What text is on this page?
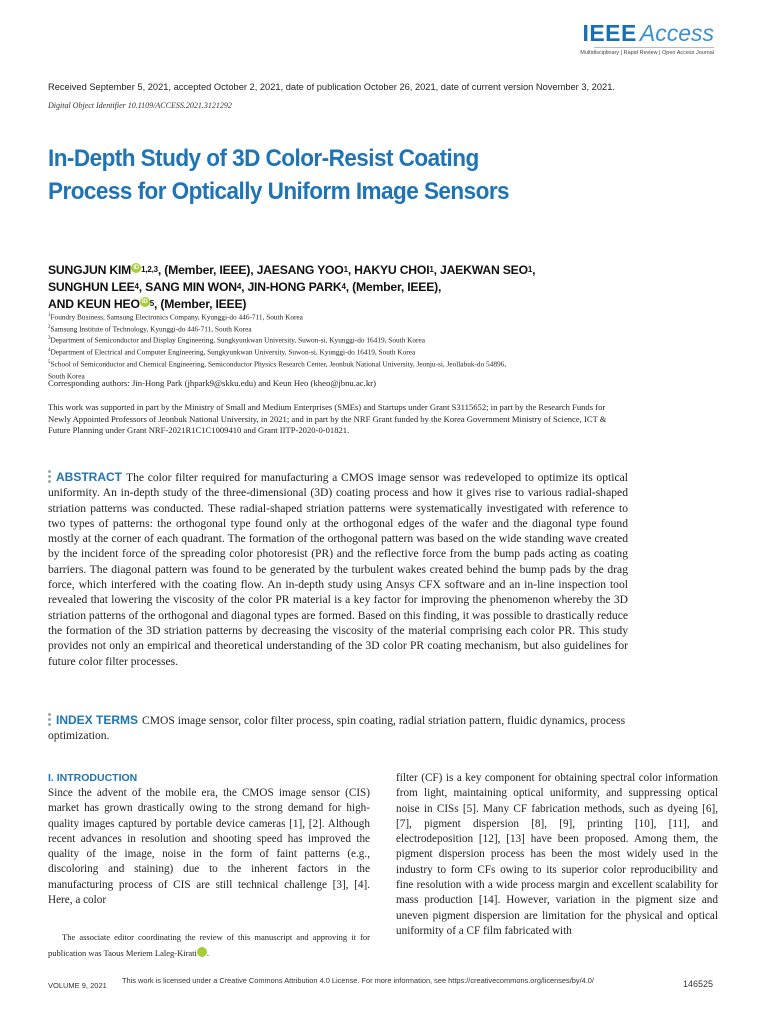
IEEE Access
Multidisciplinary | Rapid Review | Open Access Journal
Received September 5, 2021, accepted October 2, 2021, date of publication October 26, 2021, date of current version November 3, 2021.
Digital Object Identifier 10.1109/ACCESS.2021.3121292
In-Depth Study of 3D Color-Resist Coating Process for Optically Uniform Image Sensors
SUNGJUN KIM iD $^{1,2,3}$, (Member, IEEE), JAESANG YOO$^1$, HAKYU CHOI$^1$, JAEKWAN SEO$^1$,
SUNGHUN LEE$^4$, SANG MIN WON$^4$, JIN-HONG PARK$^4$, (Member, IEEE),
AND KEUN HEO iD $^5$, (Member, IEEE)
$^1$Foundry Business, Samsung Electronics Company, Kyunggi-do 446-711, South Korea
$^2$Samsung Institute of Technology, Kyunggi-do 446-711, South Korea
$^3$Department of Semiconductor and Display Engineering, Sungkyunkwan University, Suwon-si, Kyunggi-do 16419, South Korea
$^4$Department of Electrical and Computer Engineering, Sungkyunkwan University, Suwon-si, Kyunggi-do 16419, South Korea
$^5$School of Semiconductor and Chemical Engineering, Semiconductor Physics Research Center, Jeonbuk National University, Jeonju-si, Jeollabuk-do 54896,
South Korea
Corresponding authors: Jin-Hong Park (jhpark9@skku.edu) and Keun Heo (kheo@jbnu.ac.kr)
This work was supported in part by the Ministry of Small and Medium Enterprises (SMEs) and Startups under Grant S3115652; in part by the Research Funds for Newly Appointed Professors of Jeonbuk National University, in 2021; and in part by the NRF Grant funded by the Korea Government Ministry of Science, ICT & Future Planning under Grant NRF-2021R1C1C1009410 and Grant IITP-2020-0-01821.
ABSTRACT The color filter required for manufacturing a CMOS image sensor was redeveloped to optimize its optical uniformity. An in-depth study of the three-dimensional (3D) coating process and how it gives rise to various radial-shaped striation patterns was conducted. These radial-shaped striation patterns were systematically investigated with reference to two types of patterns: the orthogonal type found only at the orthogonal edges of the wafer and the diagonal type found mostly at the corner of each quadrant. The formation of the orthogonal pattern was based on the wide standing wave created by the incident force of the spreading color photoresist (PR) and the reflective force from the bump pads acting as coating barriers. The diagonal pattern was found to be generated by the turbulent wakes created behind the bump pads by the drag force, which interfered with the coating flow. An in-depth study using Ansys CFX software and an in-line inspection tool revealed that lowering the viscosity of the color PR material is a key factor for improving the phenomenon whereby the 3D striation patterns of the orthogonal and diagonal types are formed. Based on this finding, it was possible to drastically reduce the formation of the 3D striation patterns by decreasing the viscosity of the material comprising each color PR. This study provides not only an empirical and theoretical understanding of the 3D color PR coating mechanism, but also guidelines for future color filter processes.
INDEX TERMS CMOS image sensor, color filter process, spin coating, radial striation pattern, fluidic dynamics, process optimization.
I. INTRODUCTION
Since the advent of the mobile era, the CMOS image sensor (CIS) market has grown drastically owing to the strong demand for high-quality images captured by portable device cameras [1], [2]. Although recent advances in resolution and shooting speed has improved the quality of the image, noise in the form of faint patterns (e.g., discoloring and staining) due to the inherent factors in the manufacturing process of CIS are still technical challenge [3], [4]. Here, a color
filter (CF) is a key component for obtaining spectral color information from light, maintaining optical uniformity, and suppressing optical noise in CISs [5]. Many CF fabrication methods, such as dyeing [6], [7], pigment dispersion [8], [9], printing [10], [11], and electrodeposition [12], [13] have been proposed. Among them, the pigment dispersion process has been the most widely used in the industry to form CFs owing to its superior color reproducibility and fine resolution with a wide process margin and excellent scalability for mass production [14]. However, variation in the pigment size and uneven pigment dispersion are limitation for the physical and optical uniformity of a CF film fabricated with
The associate editor coordinating the review of this manuscript and approving it for publication was Taous Meriem Laleg-Kirati iD.
VOLUME 9, 2021
This work is licensed under a Creative Commons Attribution 4.0 License. For more information, see https://creativecommons.org/licenses/by/4.0/	146525
